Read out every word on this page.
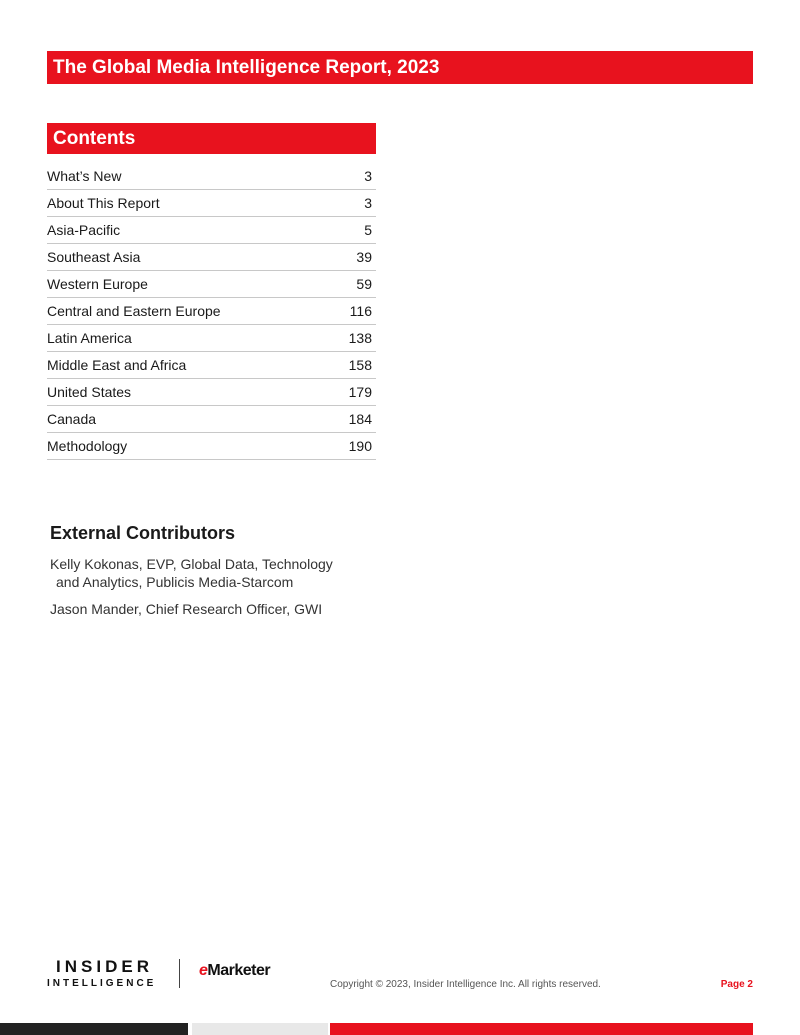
The Global Media Intelligence Report, 2023
Contents
What’s New	3
About This Report	3
Asia-Pacific	5
Southeast Asia	39
Western Europe	59
Central and Eastern Europe	116
Latin America	138
Middle East and Africa	158
United States	179
Canada	184
Methodology	190
External Contributors
Kelly Kokonas, EVP, Global Data, Technology
and Analytics, Publicis Media-Starcom
Jason Mander, Chief Research Officer, GWI
INSIDER
INTELLIGENCE
eMarketer
Copyright © 2023, Insider Intelligence Inc. All rights reserved.	Page 2
